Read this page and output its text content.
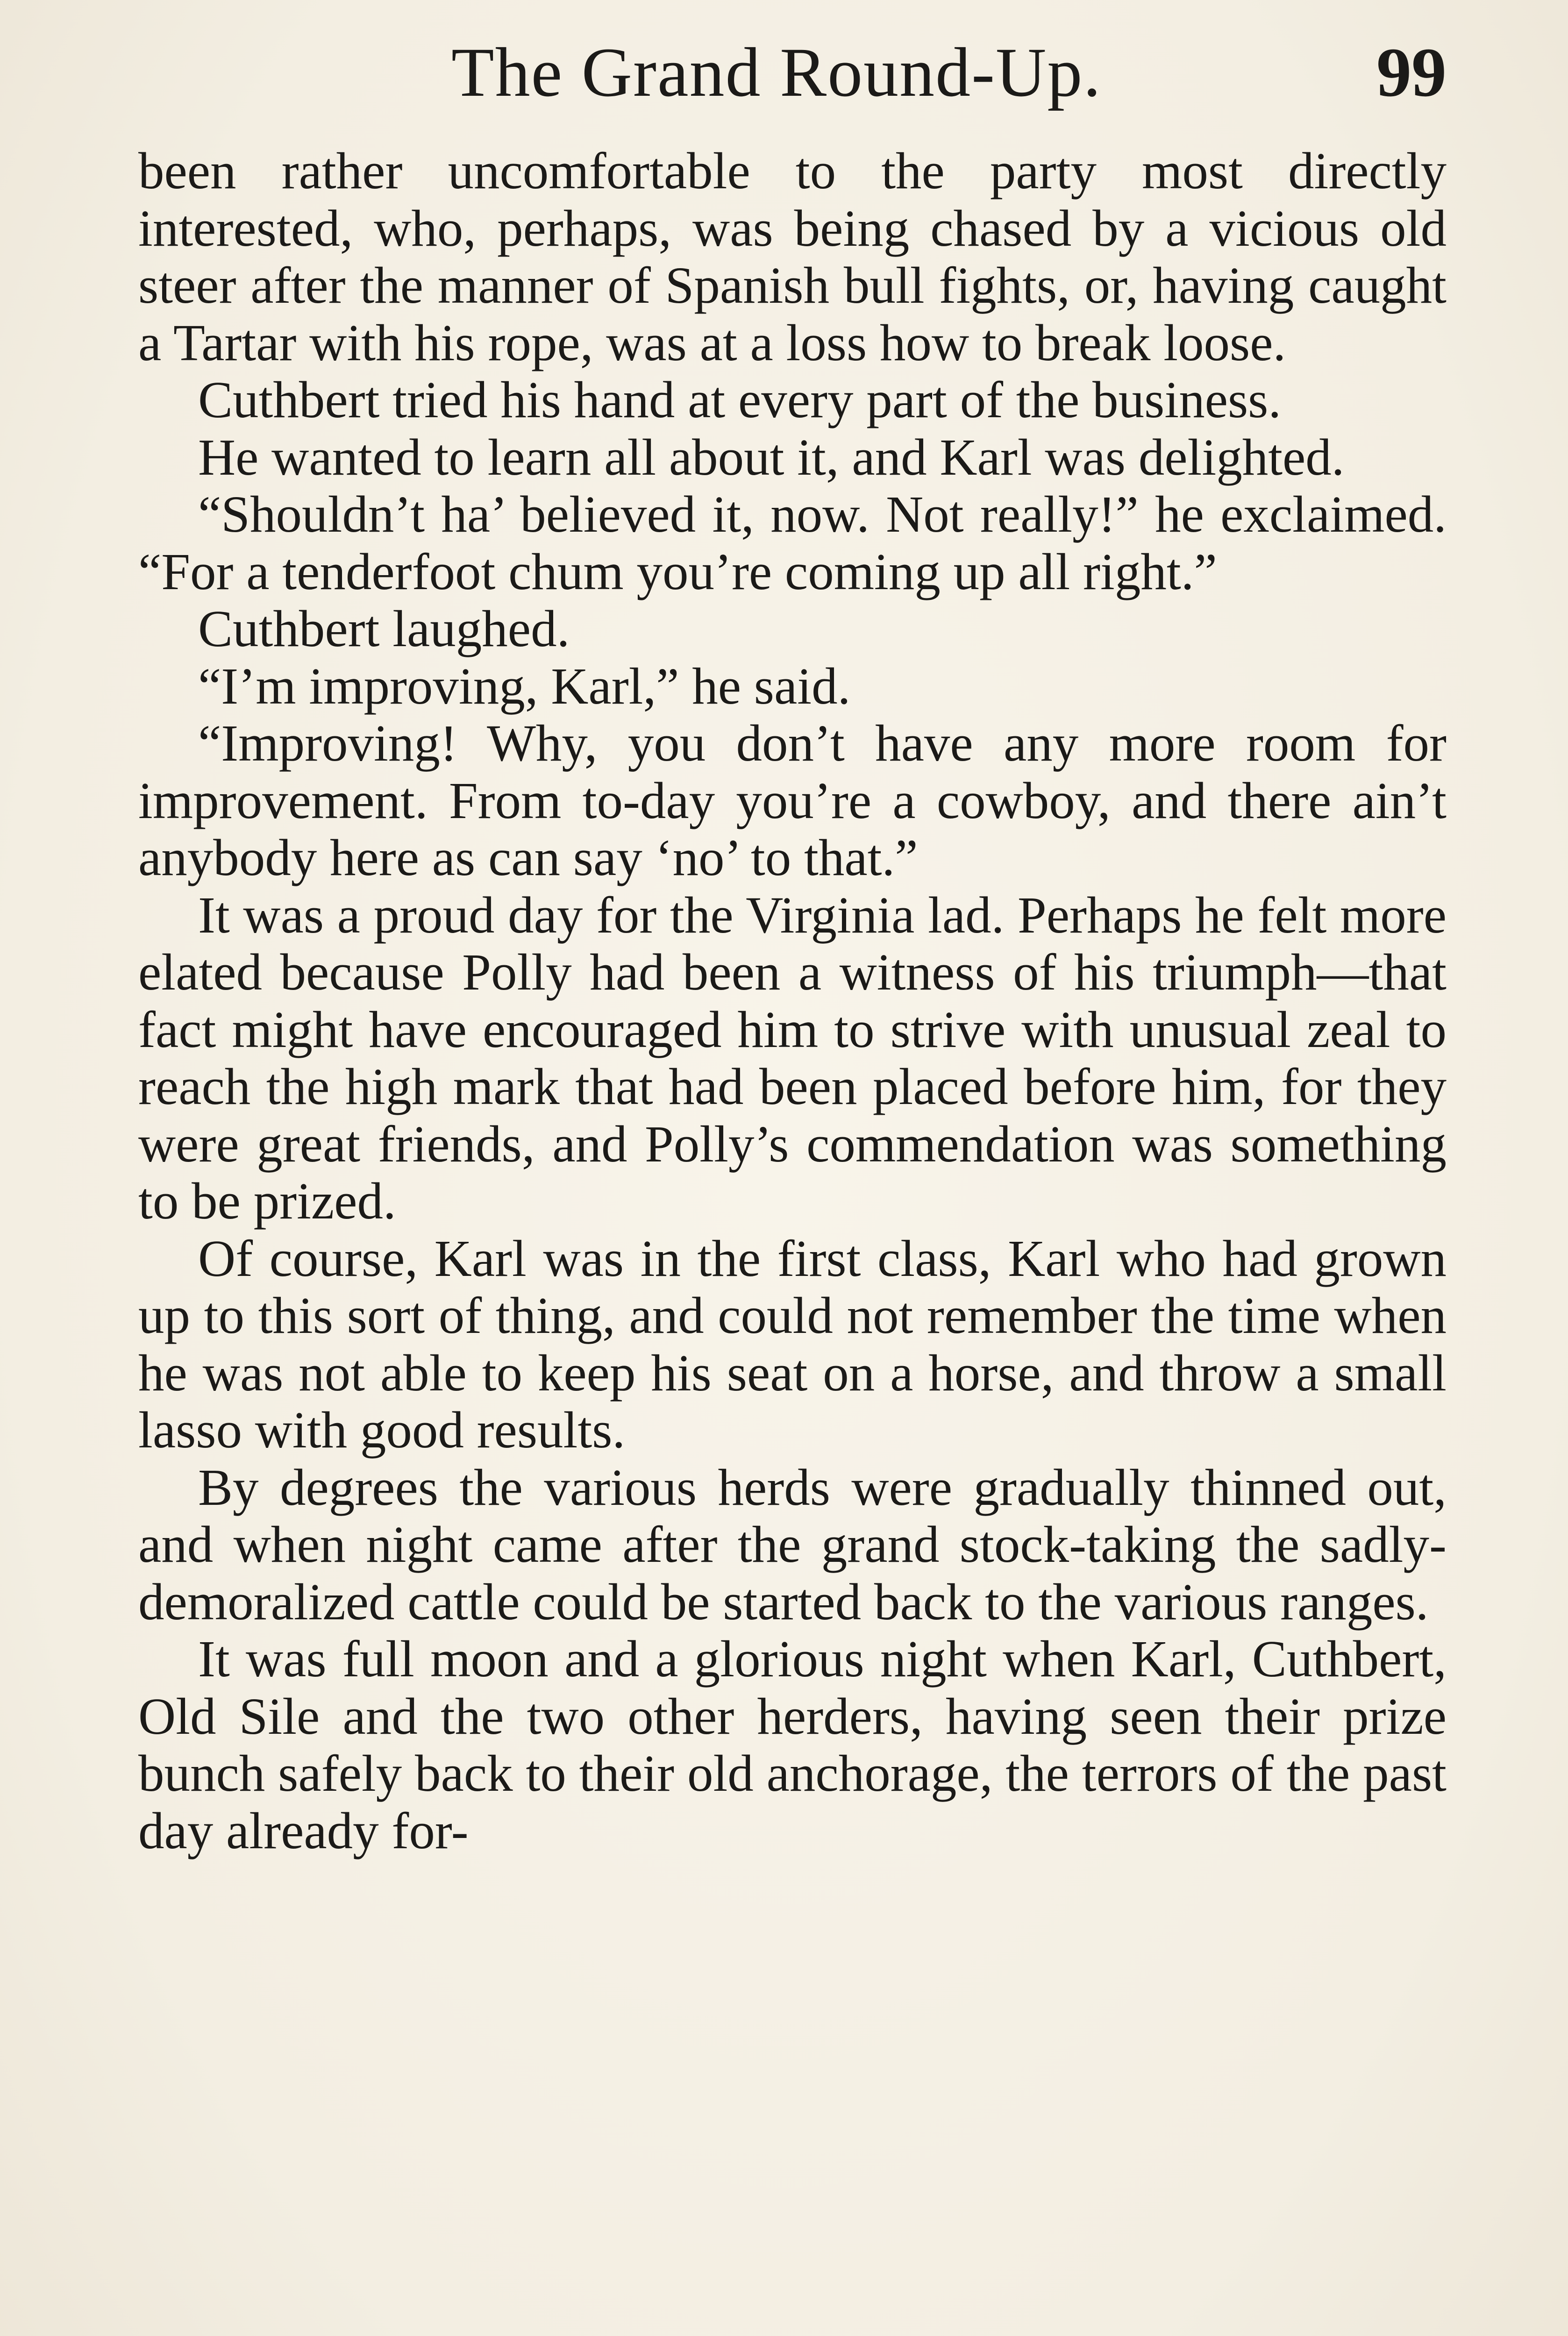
The Grand Round-Up.	99

been rather uncomfortable to the party most directly interested, who, perhaps, was being chased by a vicious old steer after the manner of Spanish bull fights, or, having caught a Tartar with his rope, was at a loss how to break loose.

Cuthbert tried his hand at every part of the business.

He wanted to learn all about it, and Karl was delighted.

“Shouldn’t ha’ believed it, now. Not really!” he exclaimed. “For a tenderfoot chum you’re coming up all right.”

Cuthbert laughed.

“I’m improving, Karl,” he said.

“Improving! Why, you don’t have any more room for improvement. From to-day you’re a cowboy, and there ain’t anybody here as can say ‘no’ to that.”

It was a proud day for the Virginia lad. Perhaps he felt more elated because Polly had been a witness of his triumph—that fact might have encouraged him to strive with unusual zeal to reach the high mark that had been placed before him, for they were great friends, and Polly’s commendation was something to be prized.

Of course, Karl was in the first class, Karl who had grown up to this sort of thing, and could not remember the time when he was not able to keep his seat on a horse, and throw a small lasso with good results.

By degrees the various herds were gradually thinned out, and when night came after the grand stock-taking the sadly-demoralized cattle could be started back to the various ranges.

It was full moon and a glorious night when Karl, Cuthbert, Old Sile and the two other herders, having seen their prize bunch safely back to their old anchorage, the terrors of the past day already for-
